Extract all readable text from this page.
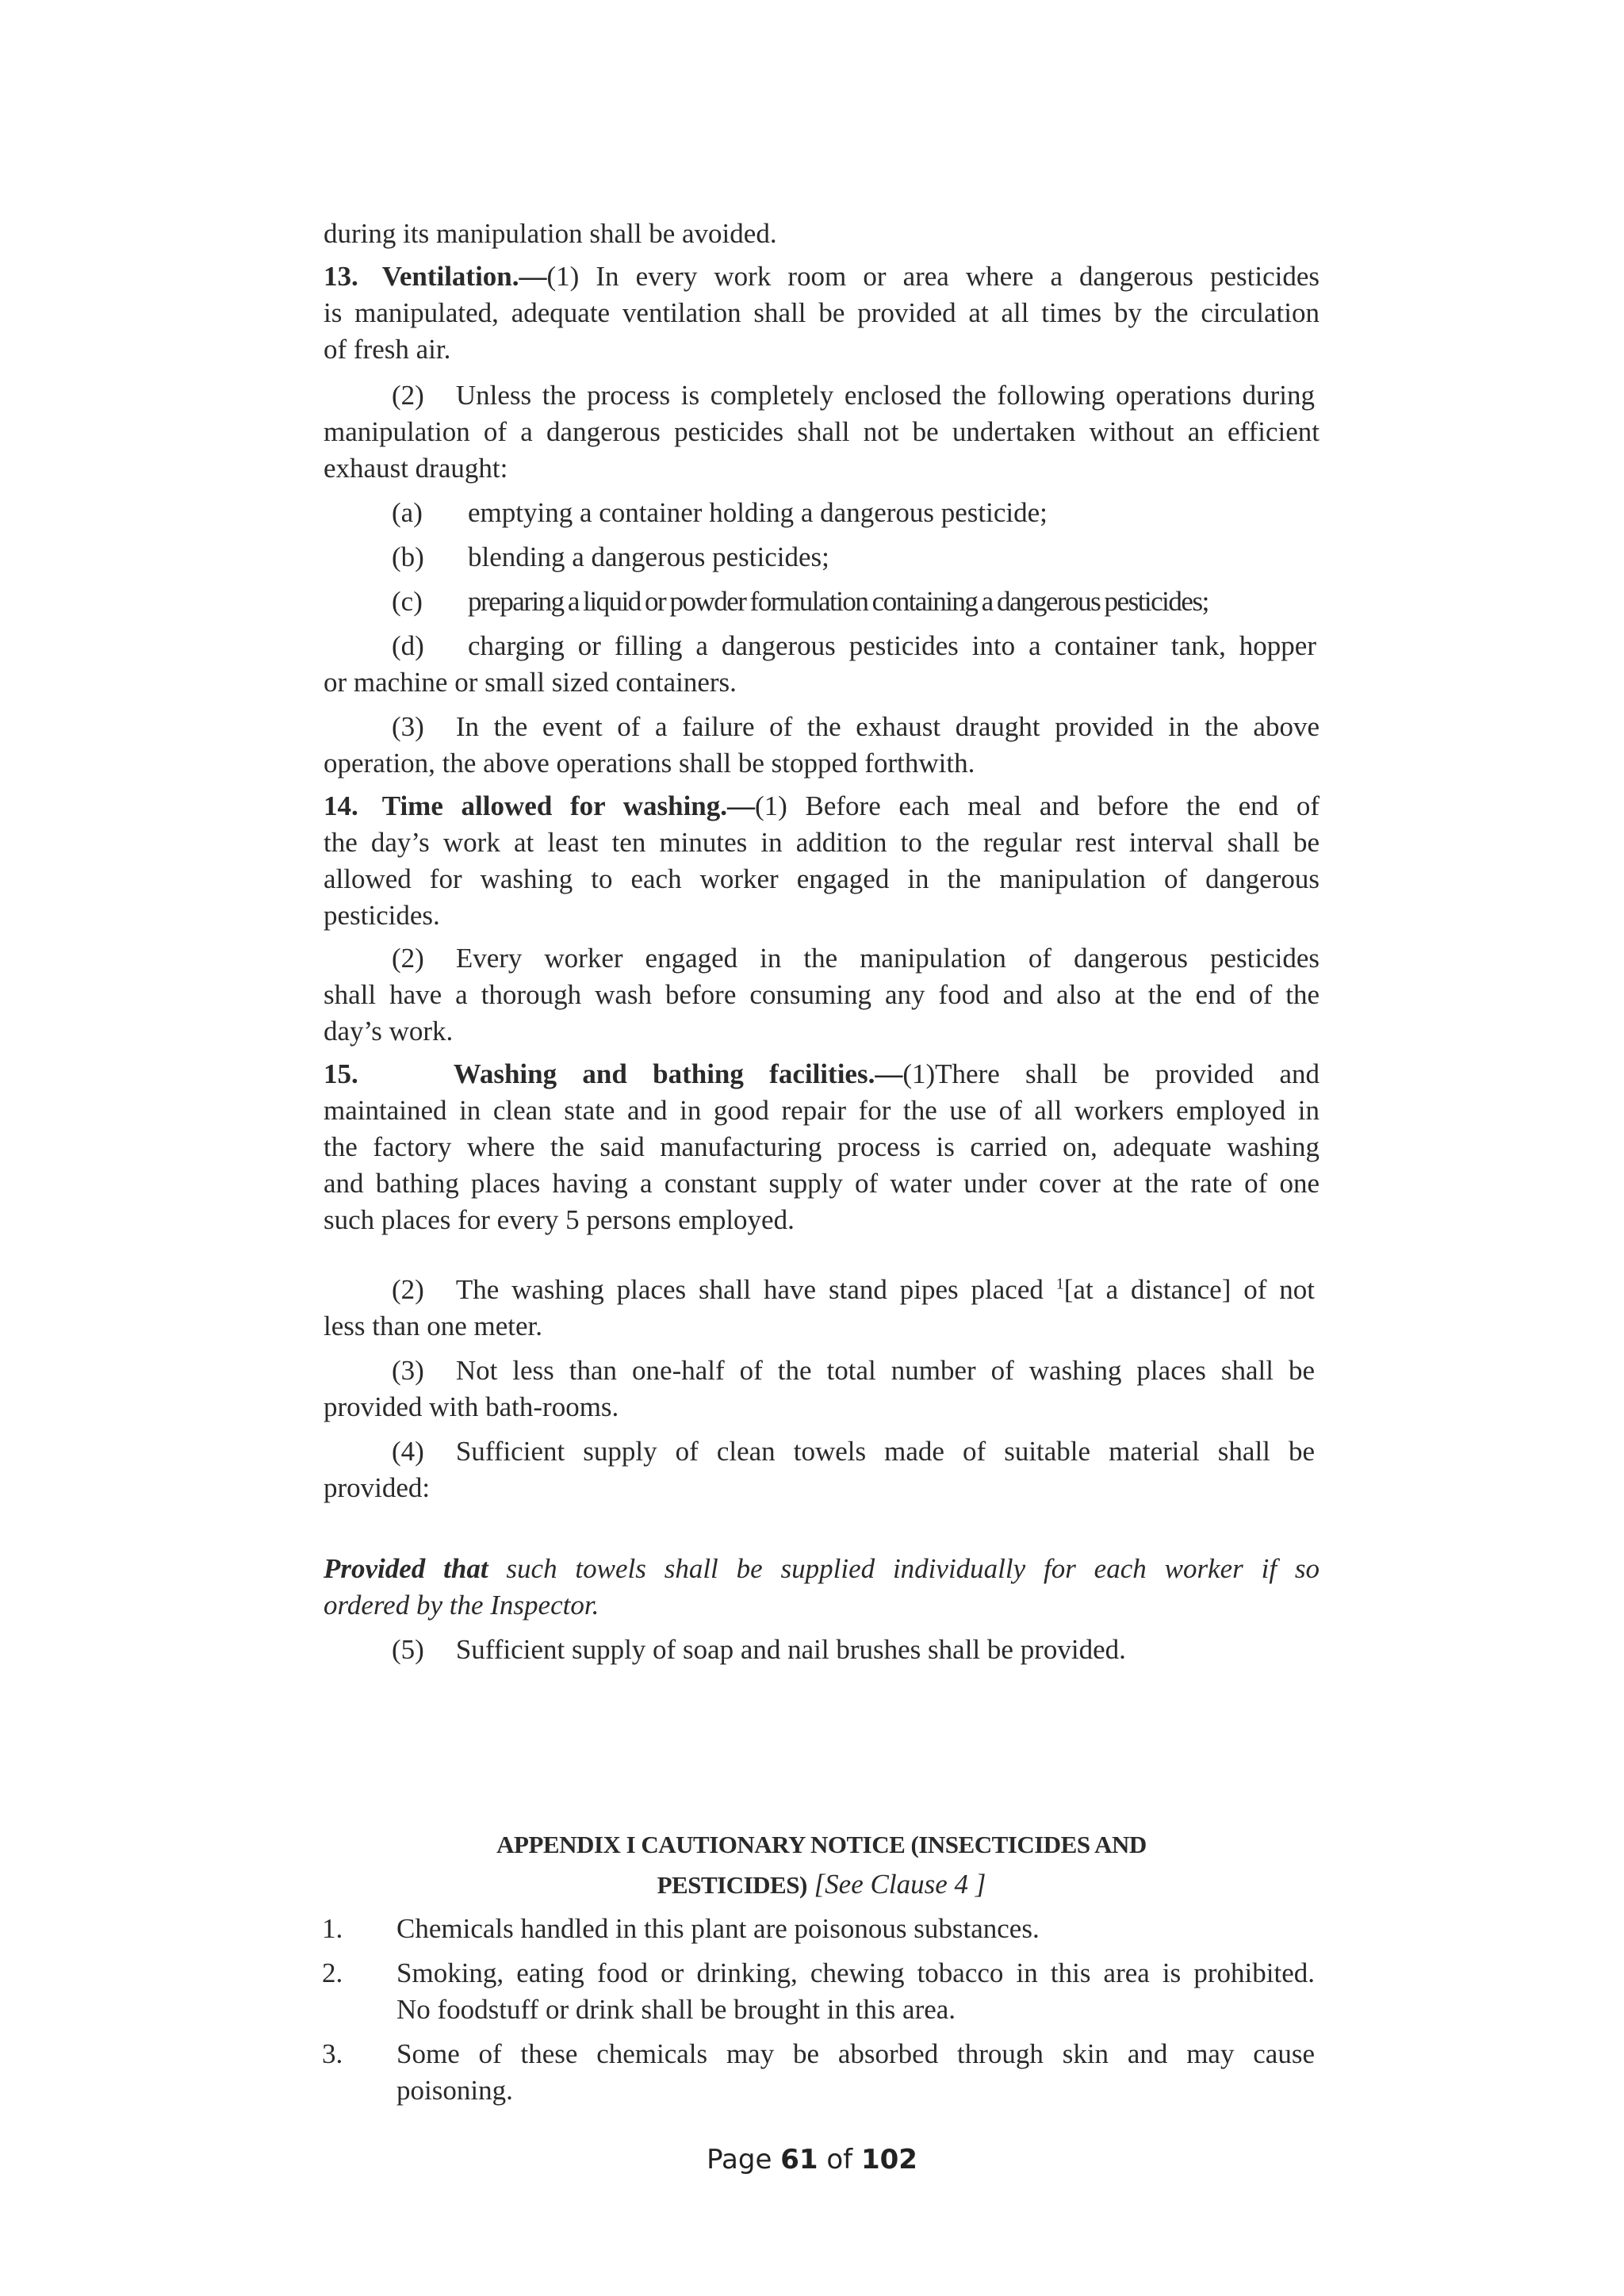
during its manipulation shall be avoided.
13. Ventilation.—(1) In every work room or area where a dangerous pesticides
is manipulated, adequate ventilation shall be provided at all times by the circulation
of fresh air.
(2) Unless the process is completely enclosed the following operations during
manipulation of a dangerous pesticides shall not be undertaken without an efficient
exhaust draught:
(a)	emptying a container holding a dangerous pesticide;
(b)	blending a dangerous pesticides;
(c)	preparing a liquid or powder formulation containing a dangerous pesticides;
(d)	charging or filling a dangerous pesticides into a container tank, hopper
or machine or small sized containers.
(3) In the event of a failure of the exhaust draught provided in the above
operation, the above operations shall be stopped forthwith.
14. Time allowed for washing.—(1) Before each meal and before the end of
the day’s work at least ten minutes in addition to the regular rest interval shall be
allowed for washing to each worker engaged in the manipulation of dangerous
pesticides.
(2) Every worker engaged in the manipulation of dangerous pesticides
shall have a thorough wash before consuming any food and also at the end of the
day’s work.
15.	Washing and bathing facilities.—(1)There shall be provided and
maintained in clean state and in good repair for the use of all workers employed in
the factory where the said manufacturing process is carried on, adequate washing
and bathing places having a constant supply of water under cover at the rate of one
such places for every 5 persons employed.
(2) The washing places shall have stand pipes placed $^1$[at a distance] of not
less than one meter.
(3) Not less than one-half of the total number of washing places shall be
provided with bath-rooms.
(4) Sufficient supply of clean towels made of suitable material shall be
provided:
Provided that such towels shall be supplied individually for each worker if so
ordered by the Inspector.
(5) Sufficient supply of soap and nail brushes shall be provided.
APPENDIX I CAUTIONARY NOTICE (INSECTICIDES AND
PESTICIDES) [See Clause 4 ]
1.	Chemicals handled in this plant are poisonous substances.
2.	Smoking, eating food or drinking, chewing tobacco in this area is prohibited.
No foodstuff or drink shall be brought in this area.
3.	Some of these chemicals may be absorbed through skin and may cause
poisoning.
Page 61 of 102
